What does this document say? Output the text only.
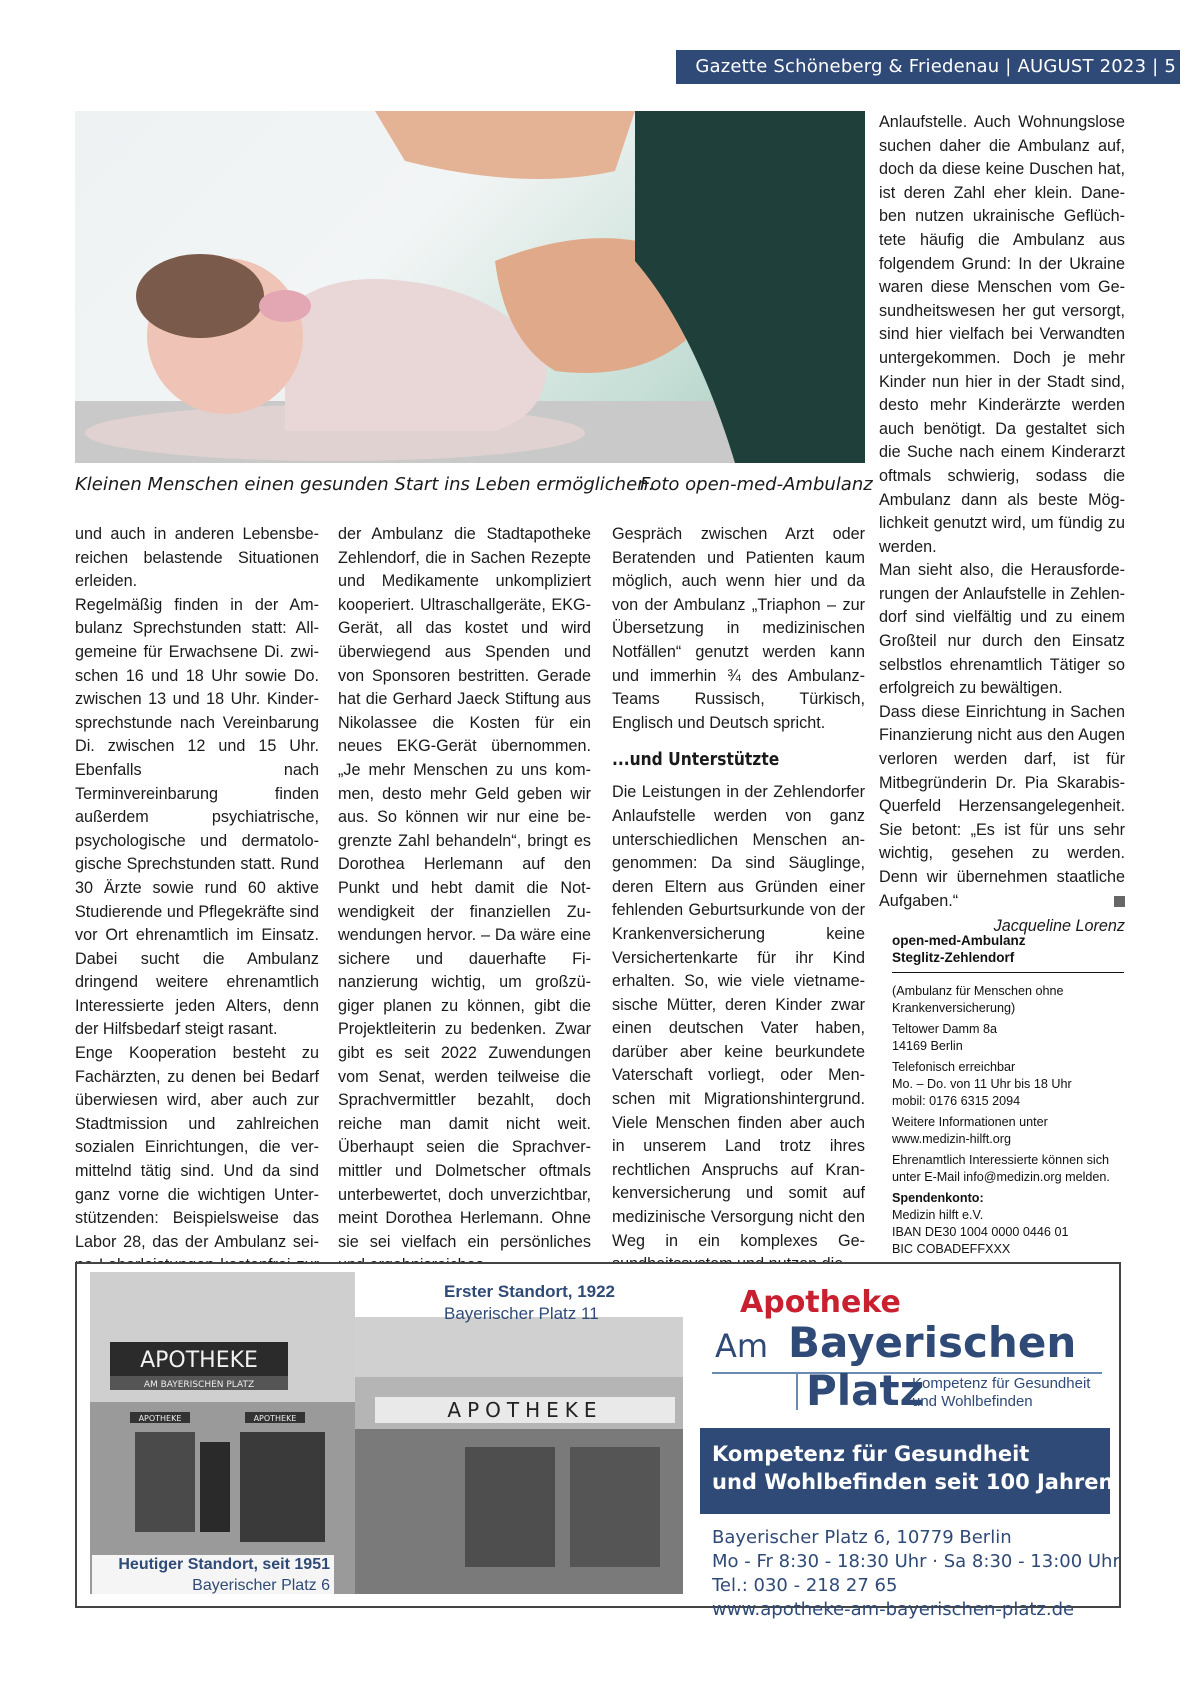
Gazette Schöneberg & Friedenau | AUGUST 2023 | 5
Kleinen Menschen einen gesunden Start ins Leben ermöglichen.
Foto open-med-Ambulanz

und auch in anderen Lebensbereichen belastende Situationen erleiden.

Regelmäßig finden in der Ambulanz Sprechstunden statt: Allgemeine für Erwachsene Di. zwischen 16 und 18 Uhr sowie Do. zwischen 13 und 18 Uhr. Kindersprechstunde nach Vereinbarung Di. zwischen 12 und 15 Uhr. Ebenfalls nach Terminvereinbarung finden außerdem psychiatrische, psychologische und dermatologische Sprechstunden statt. Rund 30 Ärzte sowie rund 60 aktive Studierende und Pflegekräfte sind vor Ort ehrenamtlich im Einsatz. Dabei sucht die Ambulanz dringend weitere ehrenamtlich Interessierte jeden Alters, denn der Hilfsbedarf steigt rasant.

Enge Kooperation besteht zu Fachärzten, zu denen bei Bedarf überwiesen wird, aber auch zur Stadtmission und zahlreichen sozialen Einrichtungen, die vermittelnd tätig sind. Und da sind ganz vorne die wichtigen Unterstützenden: Beispielsweise das Labor 28, das der Ambulanz sei

der Ambulanz die Stadtapotheke Zehlendorf, die in Sachen Rezepte und Medikamente unkompliziert kooperiert. Ultraschallgeräte, EKG-Gerät, all das kostet und wird überwiegend aus Spenden und von Sponsoren bestritten. Gerade hat die Gerhard Jaeck Stiftung aus Nikolassee die Kosten für ein neues EKG-Gerät übernommen. „Je mehr Menschen zu uns kommen, desto mehr Geld geben wir aus. So können wir nur eine begrenzte Zahl behandeln“, bringt es Dorothea Herlemann auf den Punkt und hebt damit die Notwendigkeit der finanziellen Zuwendungen hervor. – Da wäre eine sichere und dauerhafte Finanzierung wichtig, um großzügiger planen zu können, gibt die Projektleiterin zu bedenken. Zwar gibt es seit 2022 Zuwendungen vom Senat, werden teilweise die Sprachvermittler bezahlt, doch reiche man damit nicht weit. Überhaupt seien die Sprachvermittler und Dolmetscher oftmals unterbewertet, doch unverzichtbar, meint Dorothea Herlemann. Ohne sie sei vielfach ein persönliches

Gespräch zwischen Arzt oder Beratenden und Patienten kaum möglich, auch wenn hier und da von der Ambulanz „Triaphon – zur Übersetzung in medizinischen Notfällen“ genutzt werden kann und immerhin ¾ des Ambulanz-Teams Russisch, Türkisch, Englisch und Deutsch spricht.

...und Unterstützte

Die Leistungen in der Zehlendorfer Anlaufstelle werden von ganz unterschiedlichen Menschen angenommen: Da sind Säuglinge, deren Eltern aus Gründen einer fehlenden Geburtsurkunde von der Krankenversicherung keine Versichertenkarte für ihr Kind erhalten. So, wie viele vietnamesische Mütter, deren Kinder zwar einen deutschen Vater haben, darüber aber keine beurkundete Vaterschaft vorliegt, oder Menschen mit Migrationshintergrund. Viele Menschen finden aber auch in unserem Land trotz ihres rechtlichen Anspruchs auf Krankenversicherung und somit auf medizinische Versorgung nicht den Weg in ein komplexes Ge

Anlaufstelle. Auch Wohnungslose suchen daher die Ambulanz auf, doch da diese keine Duschen hat, ist deren Zahl eher klein. Daneben nutzen ukrainische Geflüchtete häufig die Ambulanz aus folgendem Grund: In der Ukraine waren diese Menschen vom Gesundheitswesen her gut versorgt, sind hier vielfach bei Verwandten untergekommen. Doch je mehr Kinder nun hier in der Stadt sind, desto mehr Kinderärzte werden auch benötigt. Da gestaltet sich die Suche nach einem Kinderarzt oftmals schwierig, sodass die Ambulanz dann als beste Möglichkeit genutzt wird, um fündig zu werden.

Man sieht also, die Herausforderungen der Anlaufstelle in Zehlendorf sind vielfältig und zu einem Großteil nur durch den Einsatz selbstlos ehrenamtlich Tätiger so erfolgreich zu bewältigen.

Dass diese Einrichtung in Sachen Finanzierung nicht aus den Augen verloren werden darf, ist für Mitbegründerin Dr. Pia Skarabis-Querfeld Herzensangelegenheit. Sie betont: „Es ist für uns sehr wichtig, gesehen zu werden. Denn wir übernehmen staatliche Aufgaben.“

Jacqueline Lorenz
open-med-Ambulanz
Steglitz-Zehlendorf

(Ambulanz für Menschen ohne Krankenversicherung)

Teltower Damm 8a
14169 Berlin

Telefonisch erreichbar
Mo. – Do. von 11 Uhr bis 18 Uhr
mobil: 0176 6315 2094

Weitere Informationen unter
www.medizin-hilft.org

Ehrenamtlich Interessierte können sich unter E-Mail info@medizin.org melden.

Spendenkonto:
Medizin hilft e.V.
IBAN DE30 1004 0000 0446 01
BIC COBADEFFXXX

APOTHEKE
AM BAYERISCHEN PLATZ
APOTHEKE	APOTHEKE	APOTHEKE
Erster Standort, 1922
Bayerischer Platz 11	Apotheke
Am Bayerischen
Platz
Kompetenz für Gesundheit
und Wohlbefinden
Kompetenz für Gesundheit
und Wohlbefinden seit 100 Jahren
Bayerischer Platz 6, 10779 Berlin
Mo - Fr 8:30 - 18:30 Uhr · Sa 8:30 - 13:00 Uhr
Tel.: 030 - 218 27 65
www.apotheke-am-bayerischen-platz.de
Heutiger Standort, seit 1951
Bayerischer Platz 6
